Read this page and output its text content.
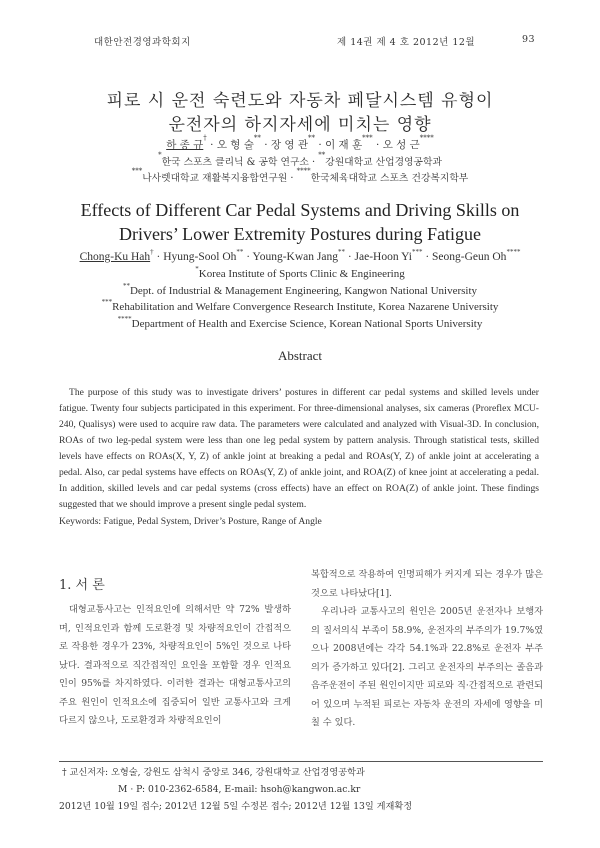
대한안전경영과학회지	제 14권 제 4 호 2012년 12월	93
피로 시 운전 숙련도와 자동차 페달시스템 유형이
운전자의 하지자세에 미치는 영향
하 종 규† · 오 형 술** · 장 영 관** · 이 재 훈*** · 오 성 근****
*한국 스포츠 클리닉 & 공학 연구소 · **강원대학교 산업경영공학과
***나사렛대학교 재활복지융합연구원 · ****한국체육대학교 스포츠 건강복지학부
Effects of Different Car Pedal Systems and Driving Skills on
Drivers’ Lower Extremity Postures during Fatigue
Chong-Ku Hah† · Hyung-Sool Oh** · Young-Kwan Jang** · Jae-Hoon Yi*** · Seong-Geun Oh****
*Korea Institute of Sports Clinic & Engineering
**Dept. of Industrial & Management Engineering, Kangwon National University
***Rehabilitation and Welfare Convergence Research Institute, Korea Nazarene University
****Department of Health and Exercise Science, Korean National Sports University
Abstract

The purpose of this study was to investigate drivers’ postures in different car pedal systems and skilled levels under fatigue. Twenty four subjects participated in this experiment. For three-dimensional analyses, six cameras (Proreflex MCU-240, Qualisys) were used to acquire raw data. The parameters were calculated and analyzed with Visual-3D. In conclusion, ROAs of two leg-pedal system were less than one leg pedal system by pattern analysis. Through statistical tests, skilled levels have effects on ROAs(X, Y, Z) of ankle joint at breaking a pedal and ROAs(Y, Z) of ankle joint at accelerating a pedal. Also, car pedal systems have effects on ROAs(Y, Z) of ankle joint, and ROA(Z) of knee joint at accelerating a pedal. In addition, skilled levels and car pedal systems (cross effects) have an effect on ROA(Z) of ankle joint. These findings suggested that we should improve a present single pedal system.

Keywords: Fatigue, Pedal System, Driver’s Posture, Range of Angle
1. 서 론

대형교통사고는 인적요인에 의해서만 약 72% 발생하며, 인적요인과 함께 도로환경 및 차량적요인이 간접적으로 작용한 경우가 23%, 차량적요인이 5%인 것으로 나타났다. 결과적으로 직간접적인 요인을 포함할 경우 인적요인이 95%를 차지하였다. 이러한 결과는 대형교통사고의 주요 원인이 인적요소에 집중되어 일반 교통사고와 크게 다르지 않으나, 도로환경과 차량적요인이

복합적으로 작용하여 인명피해가 커지게 되는 경우가 많은 것으로 나타났다[1].

우리나라 교통사고의 원인은 2005년 운전자나 보행자의 질서의식 부족이 58.9%, 운전자의 부주의가 19.7%였으나 2008년에는 각각 54.1%과 22.8%로 운전자 부주의가 증가하고 있다[2]. 그리고 운전자의 부주의는 졸음과 음주운전이 주된 원인이지만 피로와 직·간접적으로 관련되어 있으며 누적된 피로는 자동차 운전의 자세에 영향을 미칠 수 있다.

† 교신저자: 오형술, 강원도 삼척시 중앙로 346, 강원대학교 산업경영공학과
M · P: 010-2362-6584, E-mail: hsoh@kangwon.ac.kr
2012년 10월 19일 접수; 2012년 12월 5일 수정본 접수; 2012년 12월 13일 게재확정
